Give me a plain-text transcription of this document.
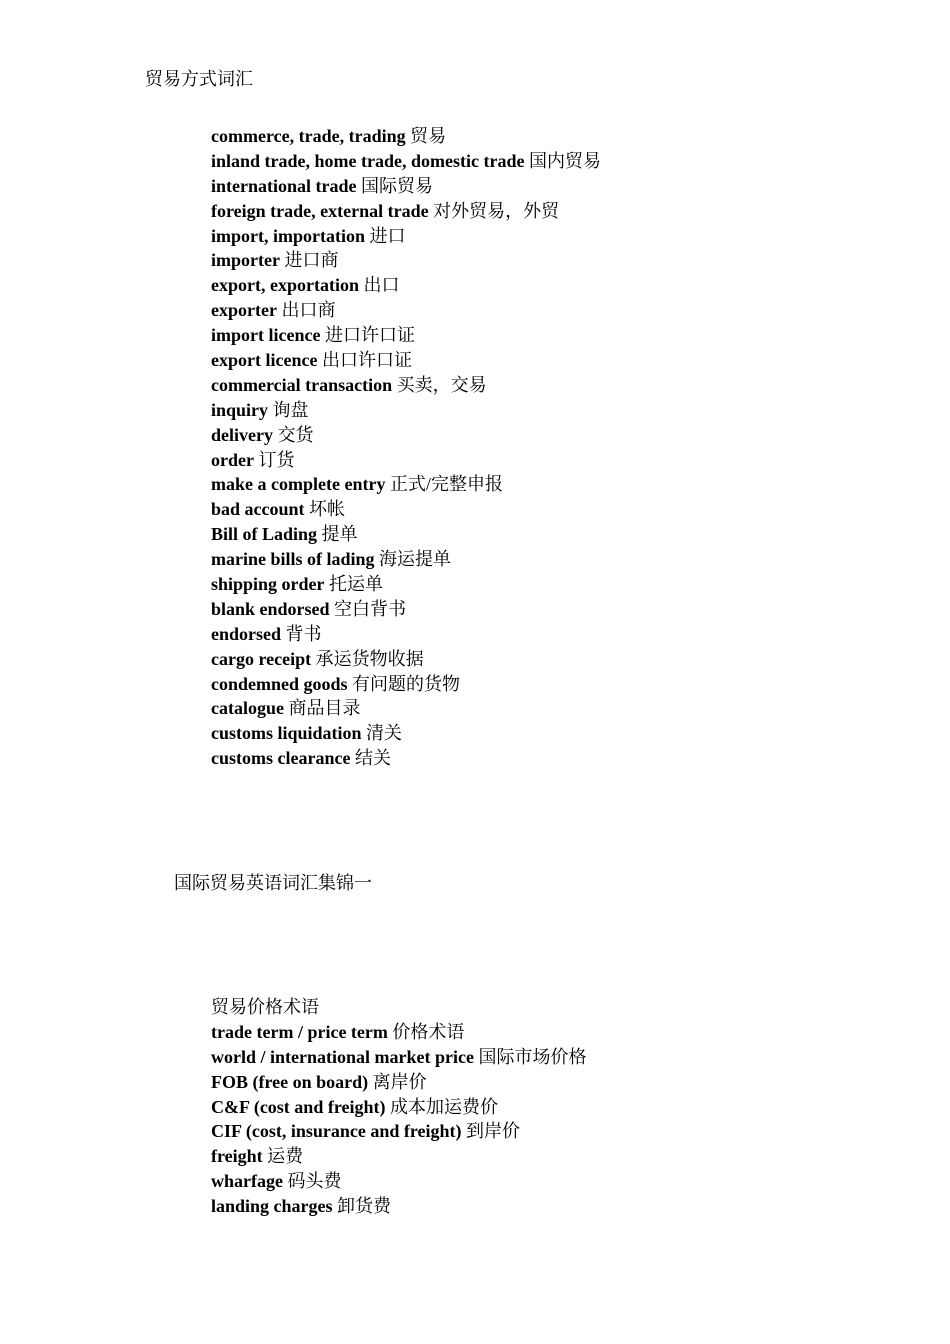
贸易方式词汇
commerce, trade, trading 贸易
inland trade, home trade, domestic trade 国内贸易
international trade 国际贸易
foreign trade, external trade 对外贸易，外贸
import, importation 进口
importer 进口商
export, exportation 出口
exporter 出口商
import licence 进口许口证
export licence 出口许口证
commercial transaction 买卖，交易
inquiry 询盘
delivery 交货
order 订货
make a complete entry 正式/完整申报
bad account 坏帐
Bill of Lading 提单
marine bills of lading 海运提单
shipping order 托运单
blank endorsed 空白背书
endorsed 背书
cargo receipt 承运货物收据
condemned goods 有问题的货物
catalogue 商品目录
customs liquidation 清关
customs clearance 结关
国际贸易英语词汇集锦一
贸易价格术语
trade term / price term 价格术语
world / international market price 国际市场价格
FOB (free on board) 离岸价
C&F (cost and freight) 成本加运费价
CIF (cost, insurance and freight) 到岸价
freight 运费
wharfage 码头费
landing charges 卸货费
